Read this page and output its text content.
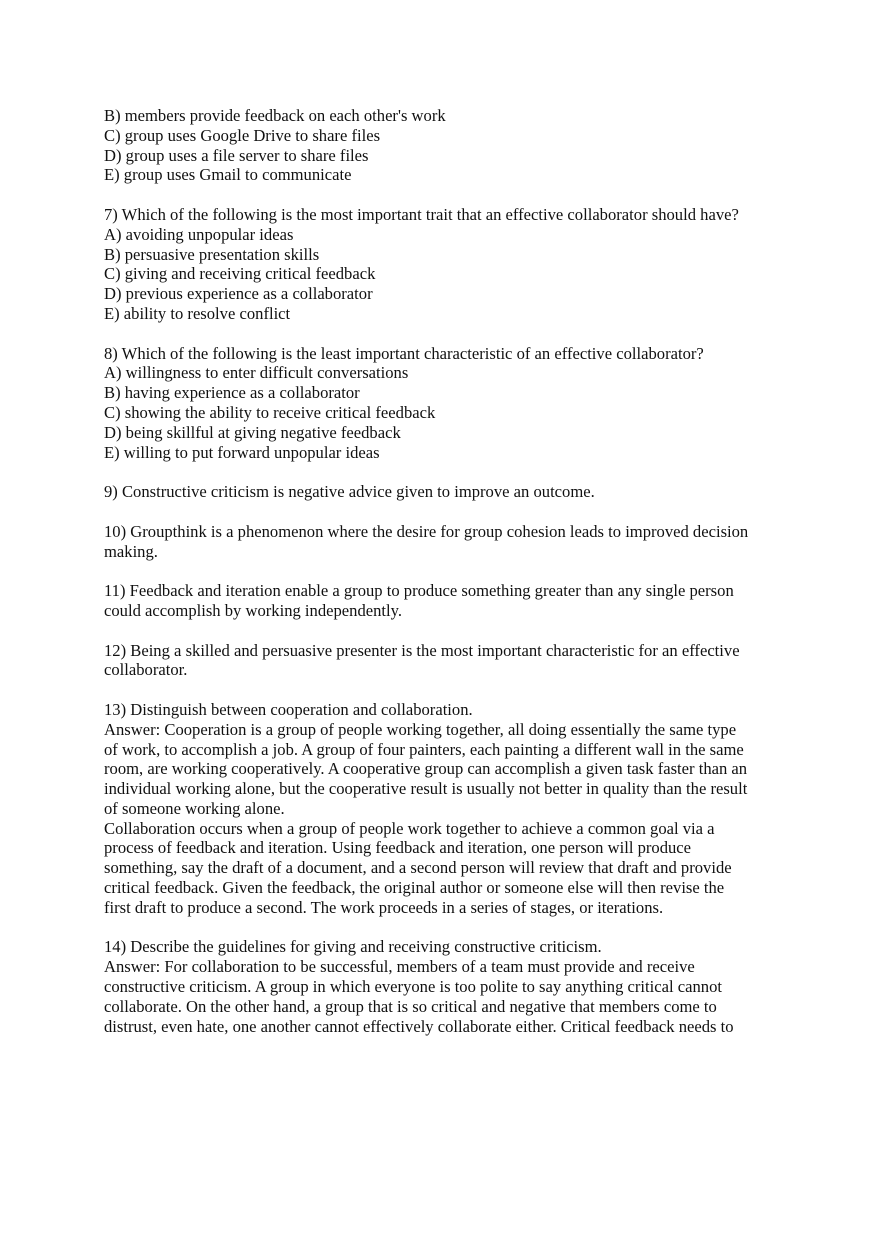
B) members provide feedback on each other's work
C) group uses Google Drive to share files
D) group uses a file server to share files
E) group uses Gmail to communicate
7) Which of the following is the most important trait that an effective collaborator should have?
A) avoiding unpopular ideas
B) persuasive presentation skills
C) giving and receiving critical feedback
D) previous experience as a collaborator
E) ability to resolve conflict
8) Which of the following is the least important characteristic of an effective collaborator?
A) willingness to enter difficult conversations
B) having experience as a collaborator
C) showing the ability to receive critical feedback
D) being skillful at giving negative feedback
E) willing to put forward unpopular ideas
9) Constructive criticism is negative advice given to improve an outcome.
10) Groupthink is a phenomenon where the desire for group cohesion leads to improved decision
making.
11) Feedback and iteration enable a group to produce something greater than any single person
could accomplish by working independently.
12) Being a skilled and persuasive presenter is the most important characteristic for an effective
collaborator.
13) Distinguish between cooperation and collaboration.
Answer: Cooperation is a group of people working together, all doing essentially the same type
of work, to accomplish a job. A group of four painters, each painting a different wall in the same
room, are working cooperatively. A cooperative group can accomplish a given task faster than an
individual working alone, but the cooperative result is usually not better in quality than the result
of someone working alone.
Collaboration occurs when a group of people work together to achieve a common goal via a
process of feedback and iteration. Using feedback and iteration, one person will produce
something, say the draft of a document, and a second person will review that draft and provide
critical feedback. Given the feedback, the original author or someone else will then revise the
first draft to produce a second. The work proceeds in a series of stages, or iterations.
14) Describe the guidelines for giving and receiving constructive criticism.
Answer: For collaboration to be successful, members of a team must provide and receive
constructive criticism. A group in which everyone is too polite to say anything critical cannot
collaborate. On the other hand, a group that is so critical and negative that members come to
distrust, even hate, one another cannot effectively collaborate either. Critical feedback needs to
